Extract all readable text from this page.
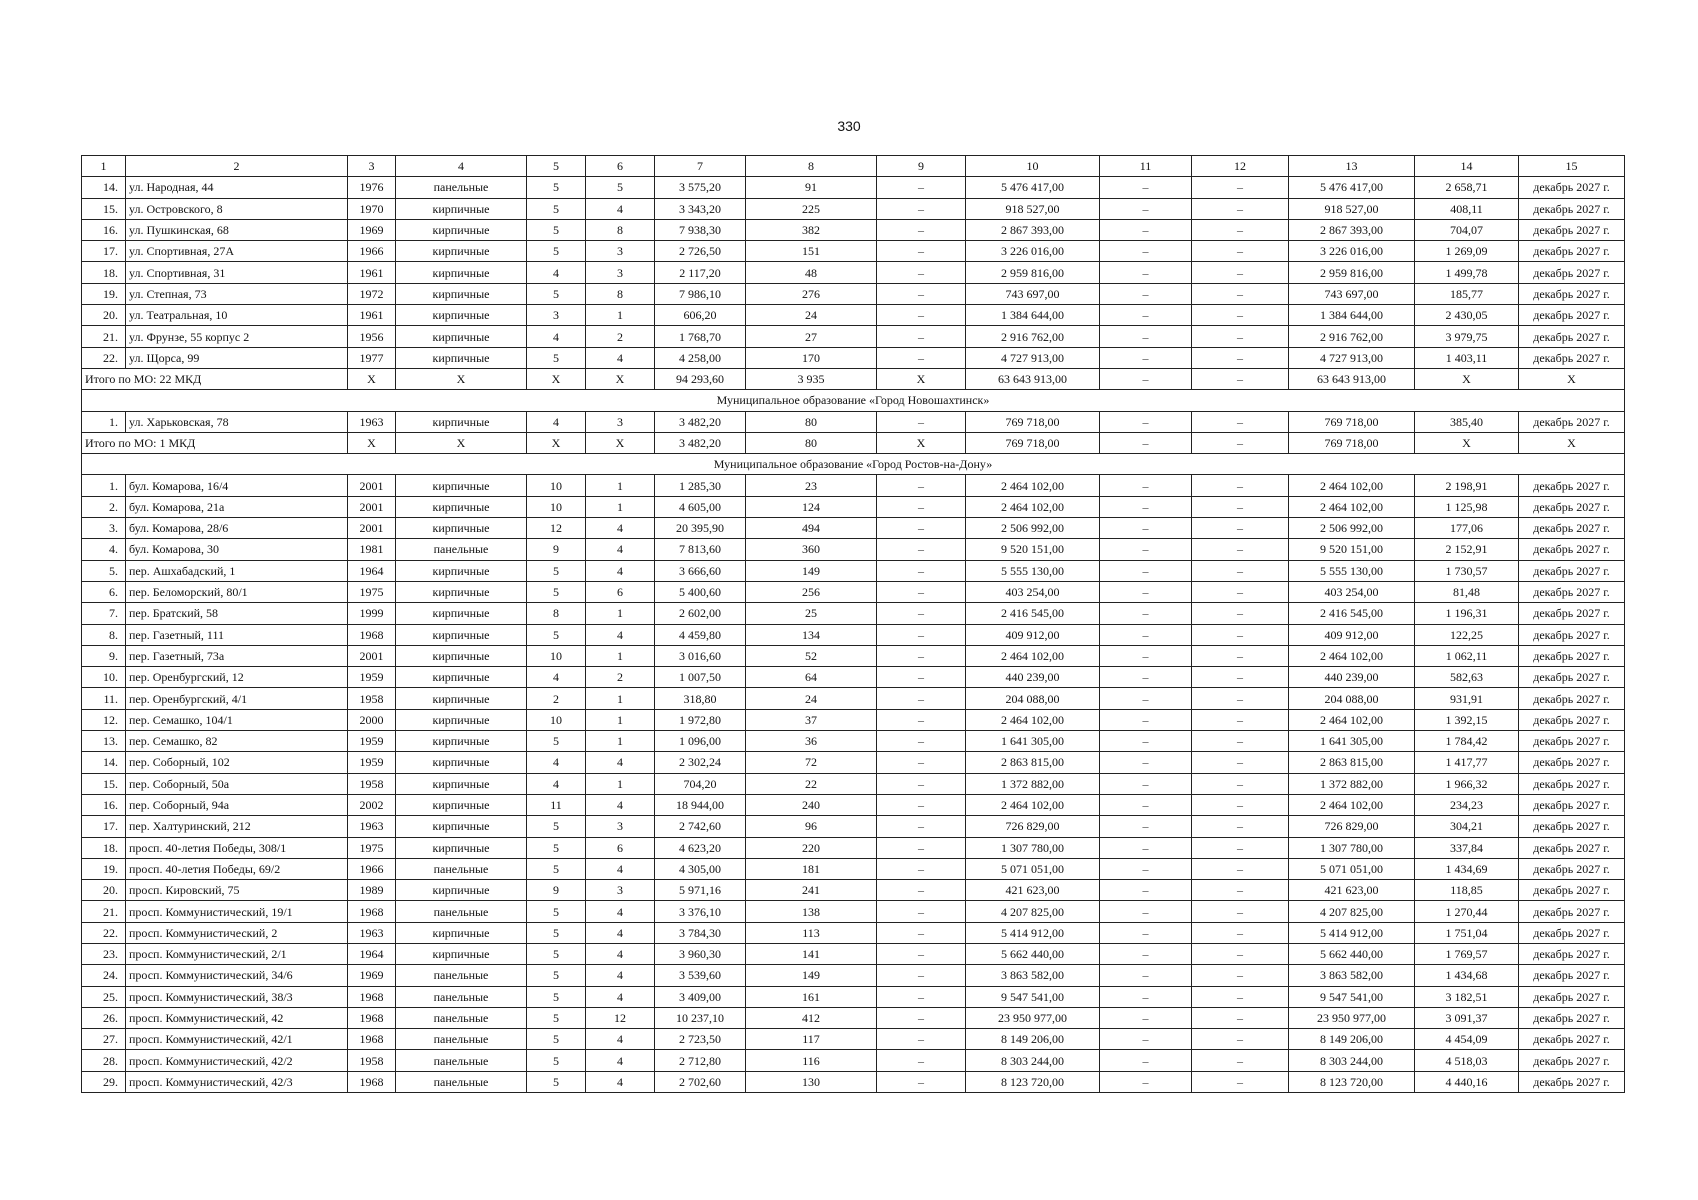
330
1	2	3	4	5	6	7	8	9	10	11	12	13	14	15
14.	ул. Народная, 44	1976	панельные	5	5	3 575,20	91	–	5 476 417,00	–	–	5 476 417,00	2 658,71	декабрь 2027 г.
15.	ул. Островского, 8	1970	кирпичные	5	4	3 343,20	225	–	918 527,00	–	–	918 527,00	408,11	декабрь 2027 г.
16.	ул. Пушкинская, 68	1969	кирпичные	5	8	7 938,30	382	–	2 867 393,00	–	–	2 867 393,00	704,07	декабрь 2027 г.
17.	ул. Спортивная, 27А	1966	кирпичные	5	3	2 726,50	151	–	3 226 016,00	–	–	3 226 016,00	1 269,09	декабрь 2027 г.
18.	ул. Спортивная, 31	1961	кирпичные	4	3	2 117,20	48	–	2 959 816,00	–	–	2 959 816,00	1 499,78	декабрь 2027 г.
19.	ул. Степная, 73	1972	кирпичные	5	8	7 986,10	276	–	743 697,00	–	–	743 697,00	185,77	декабрь 2027 г.
20.	ул. Театральная, 10	1961	кирпичные	3	1	606,20	24	–	1 384 644,00	–	–	1 384 644,00	2 430,05	декабрь 2027 г.
21.	ул. Фрунзе, 55 корпус 2	1956	кирпичные	4	2	1 768,70	27	–	2 916 762,00	–	–	2 916 762,00	3 979,75	декабрь 2027 г.
22.	ул. Щорса, 99	1977	кирпичные	5	4	4 258,00	170	–	4 727 913,00	–	–	4 727 913,00	1 403,11	декабрь 2027 г.
Итого по МО: 22 МКД		X	X	X	X	94 293,60	3 935	X	63 643 913,00	–	–	63 643 913,00	X	X
Муниципальное образование «Город Новошахтинск»														
1.	ул. Харьковская, 78	1963	кирпичные	4	3	3 482,20	80	–	769 718,00	–	–	769 718,00	385,40	декабрь 2027 г.
Итого по МО: 1 МКД		X	X	X	X	3 482,20	80	X	769 718,00	–	–	769 718,00	X	X
Муниципальное образование «Город Ростов-на-Дону»														
1.	бул. Комарова, 16/4	2001	кирпичные	10	1	1 285,30	23	–	2 464 102,00	–	–	2 464 102,00	2 198,91	декабрь 2027 г.
2.	бул. Комарова, 21а	2001	кирпичные	10	1	4 605,00	124	–	2 464 102,00	–	–	2 464 102,00	1 125,98	декабрь 2027 г.
3.	бул. Комарова, 28/6	2001	кирпичные	12	4	20 395,90	494	–	2 506 992,00	–	–	2 506 992,00	177,06	декабрь 2027 г.
4.	бул. Комарова, 30	1981	панельные	9	4	7 813,60	360	–	9 520 151,00	–	–	9 520 151,00	2 152,91	декабрь 2027 г.
5.	пер. Ашхабадский, 1	1964	кирпичные	5	4	3 666,60	149	–	5 555 130,00	–	–	5 555 130,00	1 730,57	декабрь 2027 г.
6.	пер. Беломорский, 80/1	1975	кирпичные	5	6	5 400,60	256	–	403 254,00	–	–	403 254,00	81,48	декабрь 2027 г.
7.	пер. Братский, 58	1999	кирпичные	8	1	2 602,00	25	–	2 416 545,00	–	–	2 416 545,00	1 196,31	декабрь 2027 г.
8.	пер. Газетный, 111	1968	кирпичные	5	4	4 459,80	134	–	409 912,00	–	–	409 912,00	122,25	декабрь 2027 г.
9.	пер. Газетный, 73а	2001	кирпичные	10	1	3 016,60	52	–	2 464 102,00	–	–	2 464 102,00	1 062,11	декабрь 2027 г.
10.	пер. Оренбургский, 12	1959	кирпичные	4	2	1 007,50	64	–	440 239,00	–	–	440 239,00	582,63	декабрь 2027 г.
11.	пер. Оренбургский, 4/1	1958	кирпичные	2	1	318,80	24	–	204 088,00	–	–	204 088,00	931,91	декабрь 2027 г.
12.	пер. Семашко, 104/1	2000	кирпичные	10	1	1 972,80	37	–	2 464 102,00	–	–	2 464 102,00	1 392,15	декабрь 2027 г.
13.	пер. Семашко, 82	1959	кирпичные	5	1	1 096,00	36	–	1 641 305,00	–	–	1 641 305,00	1 784,42	декабрь 2027 г.
14.	пер. Соборный, 102	1959	кирпичные	4	4	2 302,24	72	–	2 863 815,00	–	–	2 863 815,00	1 417,77	декабрь 2027 г.
15.	пер. Соборный, 50а	1958	кирпичные	4	1	704,20	22	–	1 372 882,00	–	–	1 372 882,00	1 966,32	декабрь 2027 г.
16.	пер. Соборный, 94а	2002	кирпичные	11	4	18 944,00	240	–	2 464 102,00	–	–	2 464 102,00	234,23	декабрь 2027 г.
17.	пер. Халтуринский, 212	1963	кирпичные	5	3	2 742,60	96	–	726 829,00	–	–	726 829,00	304,21	декабрь 2027 г.
18.	просп. 40-летия Победы, 308/1	1975	кирпичные	5	6	4 623,20	220	–	1 307 780,00	–	–	1 307 780,00	337,84	декабрь 2027 г.
19.	просп. 40-летия Победы, 69/2	1966	панельные	5	4	4 305,00	181	–	5 071 051,00	–	–	5 071 051,00	1 434,69	декабрь 2027 г.
20.	просп. Кировский, 75	1989	кирпичные	9	3	5 971,16	241	–	421 623,00	–	–	421 623,00	118,85	декабрь 2027 г.
21.	просп. Коммунистический, 19/1	1968	панельные	5	4	3 376,10	138	–	4 207 825,00	–	–	4 207 825,00	1 270,44	декабрь 2027 г.
22.	просп. Коммунистический, 2	1963	кирпичные	5	4	3 784,30	113	–	5 414 912,00	–	–	5 414 912,00	1 751,04	декабрь 2027 г.
23.	просп. Коммунистический, 2/1	1964	кирпичные	5	4	3 960,30	141	–	5 662 440,00	–	–	5 662 440,00	1 769,57	декабрь 2027 г.
24.	просп. Коммунистический, 34/6	1969	панельные	5	4	3 539,60	149	–	3 863 582,00	–	–	3 863 582,00	1 434,68	декабрь 2027 г.
25.	просп. Коммунистический, 38/3	1968	панельные	5	4	3 409,00	161	–	9 547 541,00	–	–	9 547 541,00	3 182,51	декабрь 2027 г.
26.	просп. Коммунистический, 42	1968	панельные	5	12	10 237,10	412	–	23 950 977,00	–	–	23 950 977,00	3 091,37	декабрь 2027 г.
27.	просп. Коммунистический, 42/1	1968	панельные	5	4	2 723,50	117	–	8 149 206,00	–	–	8 149 206,00	4 454,09	декабрь 2027 г.
28.	просп. Коммунистический, 42/2	1958	панельные	5	4	2 712,80	116	–	8 303 244,00	–	–	8 303 244,00	4 518,03	декабрь 2027 г.
29.	просп. Коммунистический, 42/3	1968	панельные	5	4	2 702,60	130	–	8 123 720,00	–	–	8 123 720,00	4 440,16	декабрь 2027 г.
